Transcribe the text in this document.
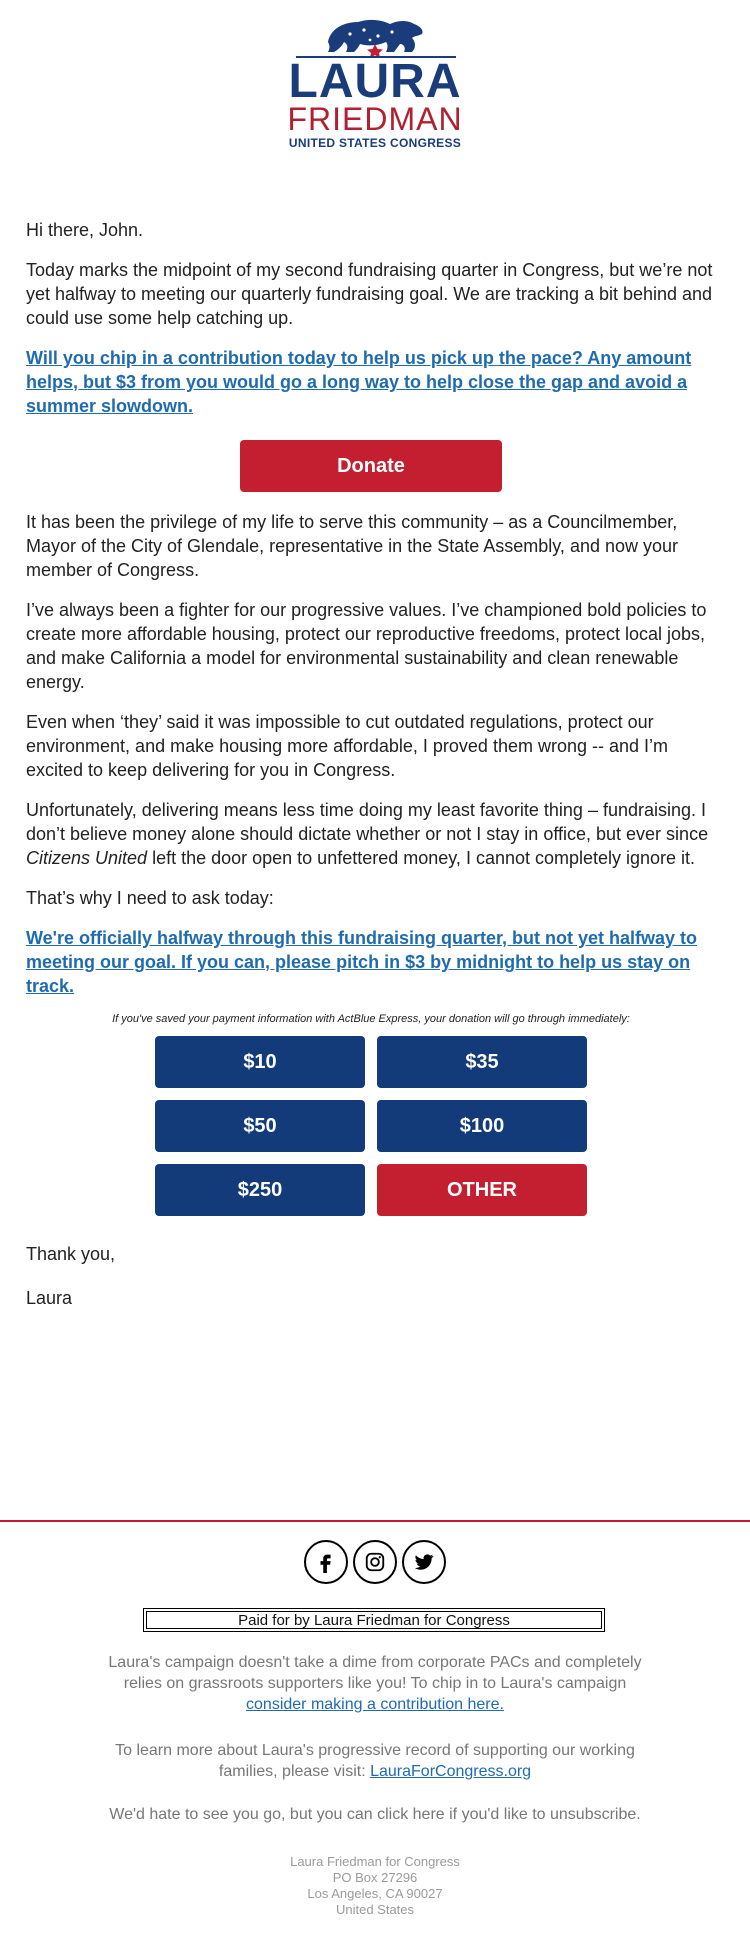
LAURA
FRIEDMAN
UNITED STATES CONGRESS

Hi there, John.

Today marks the midpoint of my second fundraising quarter in Congress, but we’re not yet halfway to meeting our quarterly fundraising goal. We are tracking a bit behind and could use some help catching up.

Will you chip in a contribution today to help us pick up the pace? Any amount helps, but $3 from you would go a long way to help close the gap and avoid a summer slowdown.
Donate

It has been the privilege of my life to serve this community – as a Councilmember, Mayor of the City of Glendale, representative in the State Assembly, and now your member of Congress.

I’ve always been a fighter for our progressive values. I’ve championed bold policies to create more affordable housing, protect our reproductive freedoms, protect local jobs, and make California a model for environmental sustainability and clean renewable energy.

Even when ‘they’ said it was impossible to cut outdated regulations, protect our environment, and make housing more affordable, I proved them wrong -- and I’m excited to keep delivering for you in Congress.

Unfortunately, delivering means less time doing my least favorite thing – fundraising. I don’t believe money alone should dictate whether or not I stay in office, but ever since Citizens United left the door open to unfettered money, I cannot completely ignore it.

That’s why I need to ask today:

We're officially halfway through this fundraising quarter, but not yet halfway to meeting our goal. If you can, please pitch in $3 by midnight to help us stay on track.
If you've saved your payment information with ActBlue Express, your donation will go through immediately:
$10	$35
$50	$100
$250	OTHER

Thank you,

Laura

Paid for by Laura Friedman for Congress
Laura's campaign doesn't take a dime from corporate PACs and completely relies on grassroots supporters like you! To chip in to Laura's campaign
consider making a contribution here.
To learn more about Laura's progressive record of supporting our working families, please visit: LauraForCongress.org
We'd hate to see you go, but you can click here if you'd like to unsubscribe.
Laura Friedman for Congress
PO Box 27296
Los Angeles, CA 90027
United States
